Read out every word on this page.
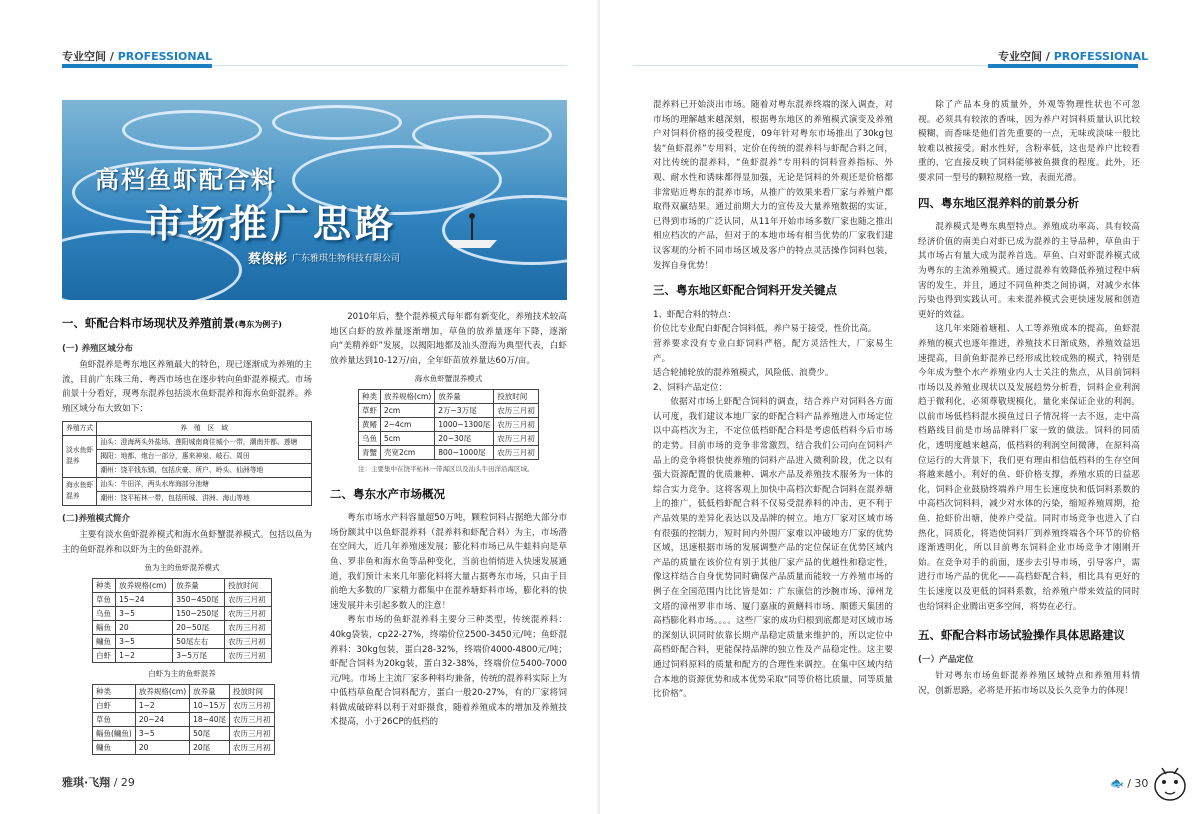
专业空间 / PROFESSIONAL
高档鱼虾配合料
市场推广思路
蔡俊彬 广东雅琪生物科技有限公司
一、虾配合料市场现状及养殖前景(粤东为例子)
(一) 养殖区域分布

鱼虾混养是粤东地区养殖最大的特色，现已逐渐成为养殖的主流，目前广东珠三角、粤西市场也在逐步转向鱼虾混养模式。市场前景十分看好，现粤东混养包括淡水鱼虾混养和海水鱼虾混养。养殖区域分布大致如下：

养殖方式	养　殖　区　域
淡水鱼虾混养	汕头：澄海两头外盐场、莲阳城南商住城小一带，潮南井都、莲塘
	揭阳：地都、炮台一部分，惠来神泉、岐石、周田
	潮州：饶平钱东镇，包括庆豪、所户、岭头、仙洲等地
海水鱼虾混养	汕头：牛田洋，两头水库海部分池塘
	潮州：饶平柘林一带，包括所城、汫洲、海山等地
(二)养殖模式简介

主要有淡水鱼虾混养模式和海水鱼虾蟹混养模式。包括以鱼为主的鱼虾混养和以虾为主的鱼虾混养。

鱼为主的鱼虾混养模式
种类	放养规格(cm)	放养量	投放时间
草鱼	15~24	350~450尾	农历三月初
乌鱼	3~5	150~250尾	农历三月初
鲻鱼	20	20~50尾	农历三月初
鳙鱼	3~5	50尾左右	农历三月初
白虾	1~2	3~5万尾	农历三月初
白虾为主的鱼虾混养
种类	放养规格(cm)	放养量	投放时间
白虾	1~2	10~15万	农历三月初
草鱼	20~24	18~40尾	农历三月初
鲻鱼(鳙鱼)	3~5	50尾	农历三月初
鳙鱼	20	20尾	农历三月初

2010年后，整个混养模式每年都有新变化，养殖技术较高地区白虾的放养量逐渐增加，草鱼的放养量逐年下降，逐渐向“美精养虾”发展，以揭阳地都及汕头澄海为典型代表，白虾放养量达到10-12万/亩，全年虾苗放养量达60万/亩。

海水鱼虾蟹混养模式
种类	放养规格(cm)	放养量	投放时间
草虾	2cm	2万~3万尾	农历三月初
黄鳍	2~4cm	1000~1300尾	农历三月初
乌鱼	5cm	20~30尾	农历三月初
青蟹	壳宽2cm	800~1000尾	农历三月初
注：主要集中在饶平柘林一带海区以及汕头牛田洋沿海区域。
二、粤东水产市场概况

粤东市场水产料容量超50万吨，颗粒饲料占据绝大部分市场份额其中以鱼虾混养料（混养料和虾配合料）为主，市场潜在空间大，近几年养殖速发展；膨化料市场已从牛蛙料向是草鱼、罗非鱼和海水鱼等品种变化，当前也悄悄进入快速发展通道，我们预计未来几年膨化料将大量占据粤东市场，只由于目前绝大多数的厂家精力都集中在混养塘虾料市场，膨化料的快速发展并未引起多数人的注意！

粤东市场的鱼虾混养料主要分三种类型，传统混养料：40kg袋装，cp22-27%，终端价位2500-3450元/吨；鱼虾混养料：30kg包装，蛋白28-32%，终端价4000-4800元/吨；虾配合饲料为20kg装，蛋白32-38%，终端价位5400-7000元/吨。市场上主流厂家多种料均兼备，传统的混养料实际上为中低档草鱼配合饲料配方，蛋白一般20-27%，有的厂家将饲料做成破碎料以利于对虾摄食，随着养殖成本的增加及养殖技术提高，小于26CP的低档的

雅琪·飞翔 / 29
专业空间 / PROFESSIONAL

混养料已开始淡出市场。随着对粤东混养终端的深入调查，对市场的理解越来越深刻，根据粤东地区的养殖模式演变及养殖户对饲料价格的接受程度，09年针对粤东市场推出了30kg包装“鱼虾混养”专用料，定价在传统的混养料与虾配合料之间，对比传统的混养料，“鱼虾混养”专用料的饲料营养指标、外观、耐水性和诱味都得显加强，无论是饲料的外观还是价格都非常贴近粤东的混养市场，从推广的效果来看厂家与养殖户都取得双赢结果。通过前期大力的宣传及大量养殖数据的实证，已得到市场的广泛认同，从11年开始市场多数厂家也随之推出相应档次的产品，但对于的本地市场有相当优势的厂家我们建议客观的分析不同市场区域及客户的特点灵活操作饲料包装，发挥自身优势！

三、粤东地区虾配合饲料开发关键点

1、虾配合料的特点：

价位比专业配白虾配合饲料低，养户易于接受，性价比高。

营养要求没有专业白虾饲料严格，配方灵活性大，厂家易生产。

适合轮捕轮放的混养殖模式，风险低、浪费少。

2、饲料产品定位：

依据对市场上虾配合饲料的调查，结合养户对饲料各方面认可度，我们建议本地厂家的虾配合料产品养殖进入市场定位以中高档次为主，不定位低档虾配合料是考虑低档料今后市场的走势。目前市场的竞争非常激烈，结合我们公司向在饲料产品上的竞争将恨快使养殖的饲料产品进入微利阶段，优之以有强大资源配置的优质兼种、调水产品及养殖技术服务为一体的综合实力竞争。这将客观上加快中高档次虾配合饲料在混养塘上的推广，低低档虾配合料不仅易受混养料的冲击，更不利于产品效果的差异化表达以及品牌的树立。地方厂家对区域市场有很强的控制力，短时间内外围厂家难以冲破地方厂家的优势区域，迅速根据市场的发展调整产品的定位保证在优势区域内产品的质量在该价位有别于其他厂家产品的优越性和稳定性，像这样结合自身优势同时确保产品质量而能较一方养殖市场的例子在全国范围内比比皆是如：广东康信的沙腕市场、漳州龙文塔的漳州罗非市场、厦门嘉康的黄鳝料市场、顺德天集团的高档膨化料市场。。。。这些厂家的成功归根到底都是对区域市场的深刻认识同时依靠长期产品稳定质量来维护的，所以定位中高档虾配合料，更能保持品牌的独立性及产品稳定性。这主要通过饲料原料的质量和配方的合理性来调控。在集中区域内结合本地的资源优势和成本优势采取“同等价格比质量，同等质量比价格”。

除了产品本身的质量外，外观等物理性状也不可忽视。必须具有较浓的香味，因为养户对饲料质量认识比较模糊，而香味是他们首先重要的一点，无味或淡味一般比较难以被接受。耐水性好，含粉率低，这也是养户比较看重的，它直接反映了饲料能够被鱼摄食的程度。此外，还要求同一型号的颗粒规格一致，表面光滑。

四、粤东地区混养料的前景分析

混养模式是粤东典型特点。养殖成功率高、具有较高经济价值的南美白对虾已成为混养的主导品种，草鱼由于其市场占有量大成为混养首选。草鱼、白对虾混养模式成为粤东的主流养殖模式。通过混养有效降低养殖过程中病害的发生，并且，通过不同鱼种类之间协调，对减少水体污染也得到实践认可。未来混养模式会更快速发展和创造更好的效益。

这几年来随着塘租、人工等养殖成本的提高，鱼虾混养殖的模式也逐年推进，养殖技术日渐成熟，养殖效益迅速提高，目前鱼虾混养已经形成比较成熟的模式，特别是今年成为整个水产养殖业内人士关注的焦点，从目前饲料市场以及养殖业现状以及发展趋势分析看，饲料企业利润趋于微利化，必须尊敬规模化，量化来保证企业的利润。以前市场低档料混水摸鱼过日子情况将一去不返，走中高档路线目前是市场品牌料厂家一致的做法。饲料的同质化，透明度越来越高，低档料的利润空间微薄，在原料高位运行的大背景下，我们更有理由相信低档料的生存空间将越来越小。利好的鱼、虾价格支撑，养殖水质的日益恶化，饲料企业鼓励终端养户用生长速度快和低饲料系数的中高档次饲料料，减少对水体的污染，缩短养殖周期，抢鱼、抢虾价出塘，使养户受益。同时市场竞争也进入了白热化，同质化，将造使饲料厂到养殖终端各个环节的价格逐渐透明化，所以目前粤东饲料企业市场竞争才刚刚开始。在竞争对手的前面，逐步去引导市场，引导客户，需进行市场产品的优化——高档虾配合料，相比具有更好的生长速度以及更低的饲料系数，给养殖户带来效益的同时也给饲料企业腾出更多空间，将势在必行。

五、虾配合料市场试验操作具体思路建议
(一）产品定位

针对粤东市场鱼虾混养养殖区域特点和养殖用料情况，创新思路，必将是开拓市场以及长久竞争力的体现！

🐟 / 30
